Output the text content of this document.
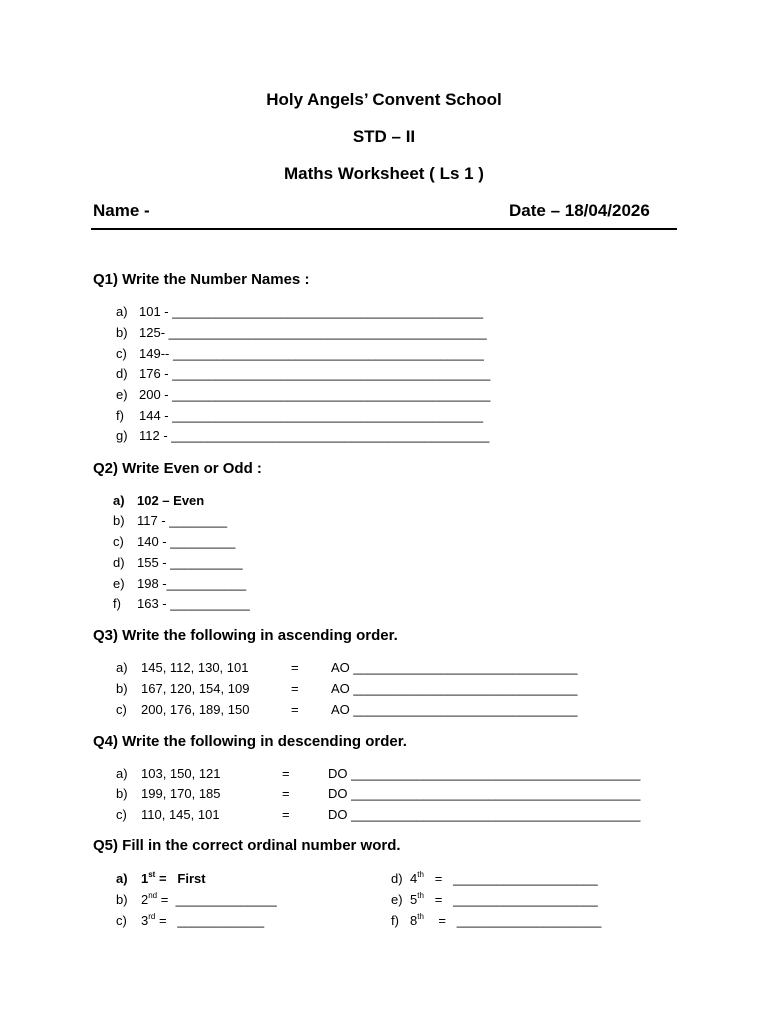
Holy Angels’ Convent School
STD – II
Maths Worksheet ( Ls 1 )
Name -	Date – 18/04/2026
Q1) Write the Number Names :
a) 101 - ___________________________________________
b) 125- ____________________________________________
c) 149-- ___________________________________________
d) 176 - ____________________________________________
e) 200 - ____________________________________________
f) 144 - ___________________________________________
g) 112 - ____________________________________________
Q2) Write Even or Odd :
a) 102 – Even
b) 117 - ________
c) 140 - _________
d) 155 - __________
e) 198 -___________
f) 163 - ___________
Q3) Write the following in ascending order.
a) 145, 112, 130, 101	= AO _______________________________
b) 167, 120, 154, 109	= AO _______________________________
c) 200, 176, 189, 150	= AO _______________________________
Q4) Write the following in descending order.
a) 103, 150, 121	=	DO ________________________________________
b) 199, 170, 185	=	DO ________________________________________
c) 110, 145, 101	=	DO ________________________________________
Q5) Fill in the correct ordinal number word.
a) 1st =   First
b) 2nd =  ______________
c) 3rd =   ____________
d) 4th   =   ____________________
e) 5th   =   ____________________
f) 8th    =   ____________________
